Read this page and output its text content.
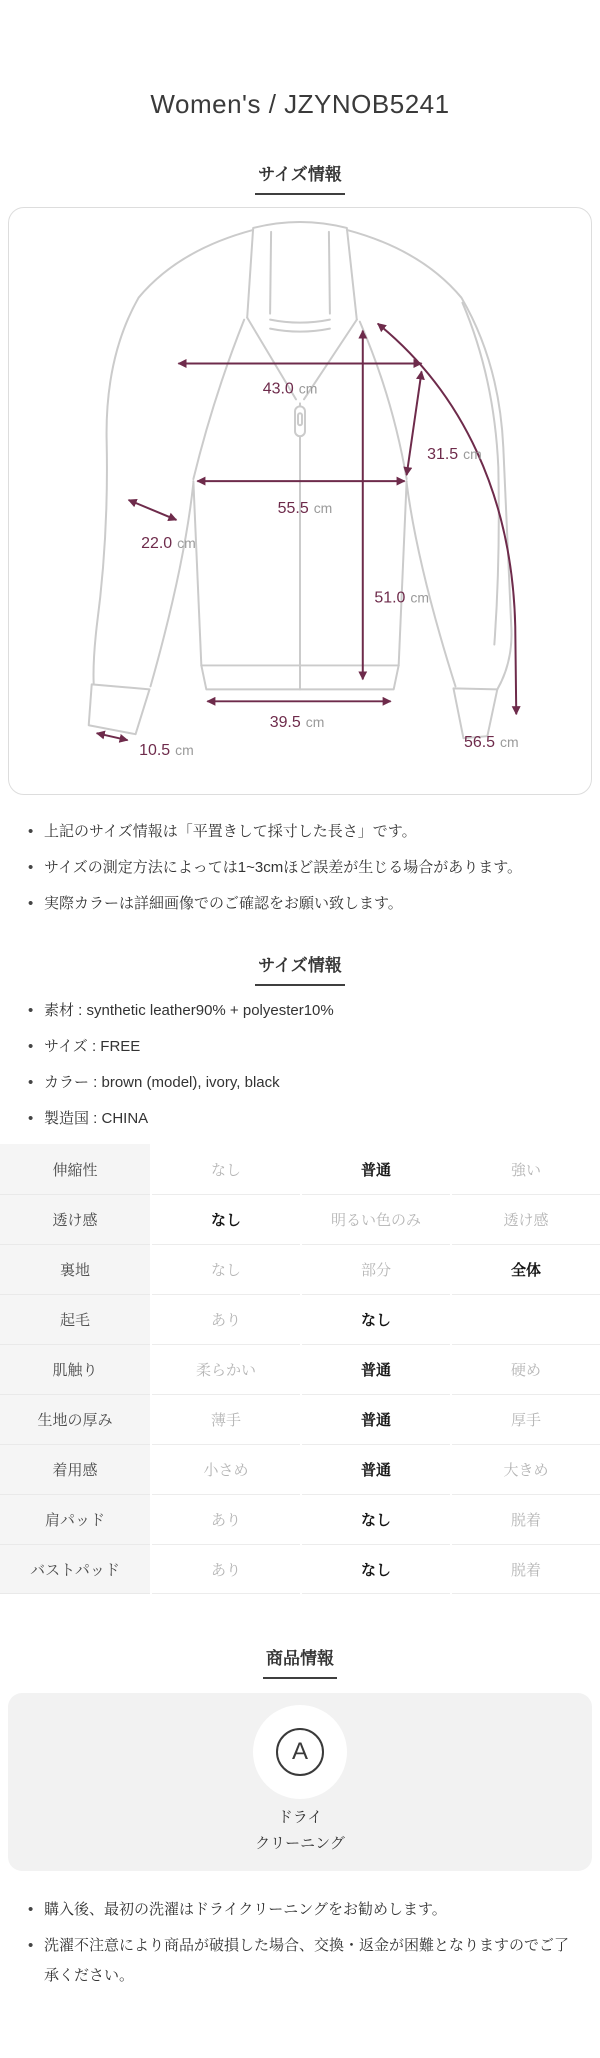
Women's / JZYNOB5241
サイズ情報
43.0 cm
31.5 cm
55.5 cm
22.0 cm
51.0 cm
39.5 cm
10.5 cm	56.5 cm
• 上記のサイズ情報は「平置きして採寸した長さ」です。
• サイズの測定方法によっては1~3cmほど誤差が生じる場合があります。
• 実際カラーは詳細画像でのご確認をお願い致します。
サイズ情報
• 素材 : synthetic leather90% + polyester10%
• サイズ : FREE
• カラー : brown (model), ivory, black
• 製造国 : CHINA
伸縮性	なし	普通	強い
透け感	なし	明るい色のみ	透け感
裏地	なし	部分	全体
起毛	あり	なし
肌触り	柔らかい	普通	硬め
生地の厚み	薄手	普通	厚手
着用感	小さめ	普通	大きめ
肩パッド	あり	なし	脱着
バストパッド	あり	なし	脱着
商品情報
A
ドライ
クリーニング
• 購入後、最初の洗濯はドライクリーニングをお勧めします。
• 洗濯不注意により商品が破損した場合、交換・返金が困難となりますのでご了承ください。
